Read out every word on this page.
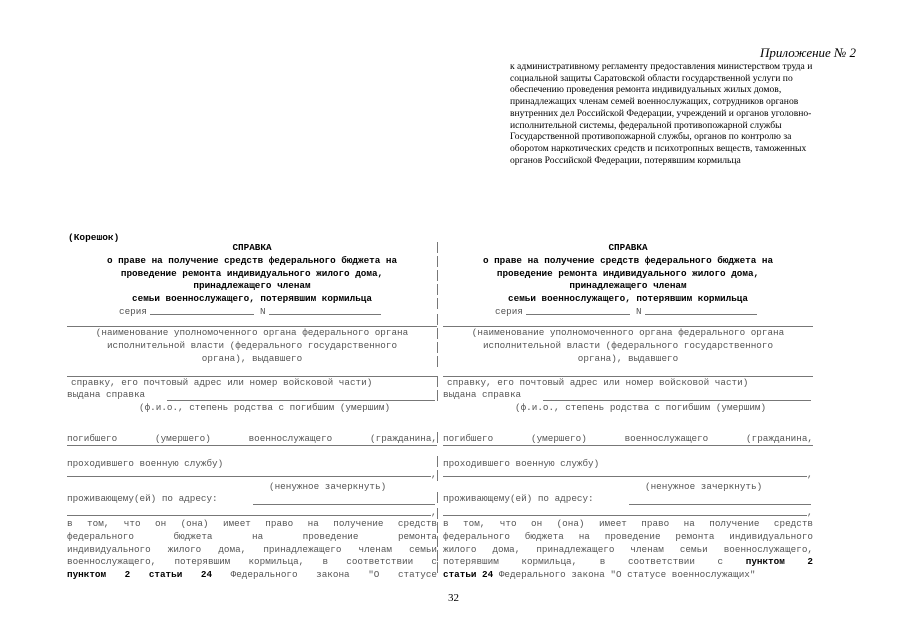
Приложение № 2
к административному регламенту предоставления министерством труда и
социальной защиты Саратовской области государственной услуги по
обеспечению проведения ремонта индивидуальных жилых домов,
принадлежащих членам семей военнослужащих, сотрудников органов
внутренних дел Российской Федерации, учреждений и органов уголовно-
исполнительной системы, федеральной противопожарной службы
Государственной противопожарной службы, органов по контролю за
оборотом наркотических средств и психотропных веществ, таможенных
органов Российской Федерации, потерявшим кормильца
(Корешок)
СПРАВКА
о праве на получение средств федерального бюджета на
проведение ремонта индивидуального жилого дома,
принадлежащего членам
семьи военнослужащего, потерявшим кормильца
серия	N
(наименование уполномоченного органа федерального органа
исполнительной власти (федерального государственного
органа), выдавшего
справку, его почтовый адрес или номер войсковой части)
выдана справка
(ф.и.о., степень родства с погибшим (умершим)
погибшего (умершего) военнослужащего (гражданина,
проходившего военную службу)
,
(ненужное зачеркнуть)
проживающему(ей) по адресу:
,
в том, что он (она) имеет право на получение средств
федерального бюджета на проведение ремонта
индивидуального жилого дома, принадлежащего членам семьи
военнослужащего, потерявшим кормильца, в соответствии с
пунктом 2 статьи 24 Федерального закона "О статусе
СПРАВКА
о праве на получение средств федерального бюджета на
проведение ремонта индивидуального жилого дома,
принадлежащего членам
семьи военнослужащего, потерявшим кормильца
серия	N
(наименование уполномоченного органа федерального органа
исполнительной власти (федерального государственного
органа), выдавшего
справку, его почтовый адрес или номер войсковой части)
выдана справка
(ф.и.о., степень родства с погибшим (умершим)
погибшего (умершего) военнослужащего (гражданина,
проходившего военную службу)
,
(ненужное зачеркнуть)
проживающему(ей) по адресу:
,
в том, что он (она) имеет право на получение средств
федерального бюджета на проведение ремонта индивидуального
жилого дома, принадлежащего членам семьи военнослужащего,
потерявшим кормильца, в соответствии с пунктом 2
статьи 24 Федерального закона "О статусе военнослужащих"
32
